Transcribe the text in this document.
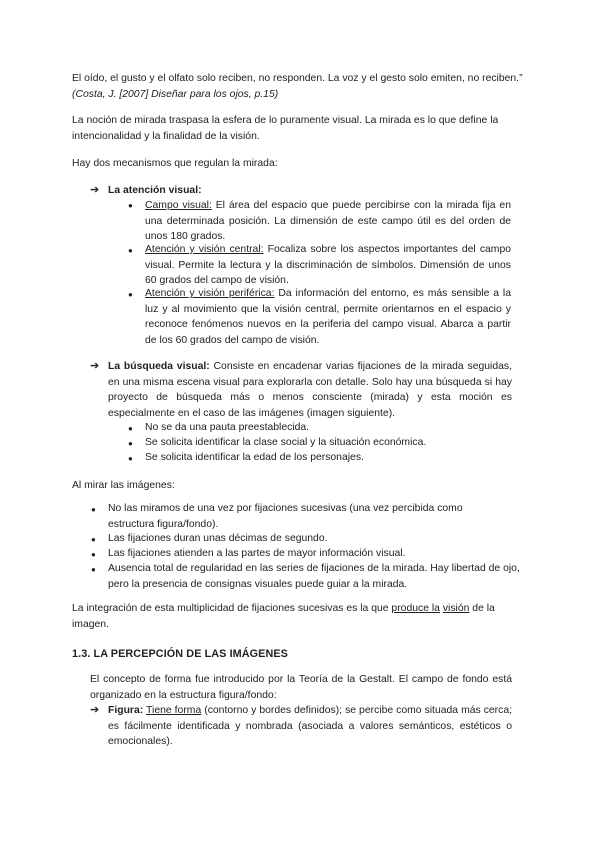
El oído, el gusto y el olfato solo reciben, no responden. La voz y el gesto solo emiten, no reciben.” (Costa, J. [2007] Diseñar para los ojos, p.15)

La noción de mirada traspasa la esfera de lo puramente visual. La mirada es lo que define la intencionalidad y la finalidad de la visión.

Hay dos mecanismos que regulan la mirada:

➔ La atención visual:

● Campo visual: El área del espacio que puede percibirse con la mirada fija en una determinada posición. La dimensión de este campo útil es del orden de unos 180 grados.

● Atención y visión central: Focaliza sobre los aspectos importantes del campo visual. Permite la lectura y la discriminación de símbolos. Dimensión de unos 60 grados del campo de visión.

● Atención y visión periférica: Da información del entorno, es más sensible a la luz y al movimiento que la visión central, permite orientarnos en el espacio y reconoce fenómenos nuevos en la periferia del campo visual. Abarca a partir de los 60 grados del campo de visión.

➔ La búsqueda visual: Consiste en encadenar varias fijaciones de la mirada seguidas, en una misma escena visual para explorarla con detalle. Solo hay una búsqueda si hay proyecto de búsqueda más o menos consciente (mirada) y esta moción es especialmente en el caso de las imágenes (imagen siguiente).

● No se da una pauta preestablecida.

● Se solicita identificar la clase social y la situación económica.

● Se solicita identificar la edad de los personajes.

Al mirar las imágenes:

● No las miramos de una vez por fijaciones sucesivas (una vez percibida como estructura figura/fondo).

● Las fijaciones duran unas décimas de segundo.

● Las fijaciones atienden a las partes de mayor información visual.

● Ausencia total de regularidad en las series de fijaciones de la mirada. Hay libertad de ojo, pero la presencia de consignas visuales puede guiar a la mirada.

La integración de esta multiplicidad de fijaciones sucesivas es la que produce la visión de la imagen.

1.3. LA PERCEPCIÓN DE LAS IMÁGENES

El concepto de forma fue introducido por la Teoría de la Gestalt. El campo de fondo está organizado en la estructura figura/fondo:

➔ Figura: Tiene forma (contorno y bordes definidos); se percibe como situada más cerca; es fácilmente identificada y nombrada (asociada a valores semánticos, estéticos o emocionales).
